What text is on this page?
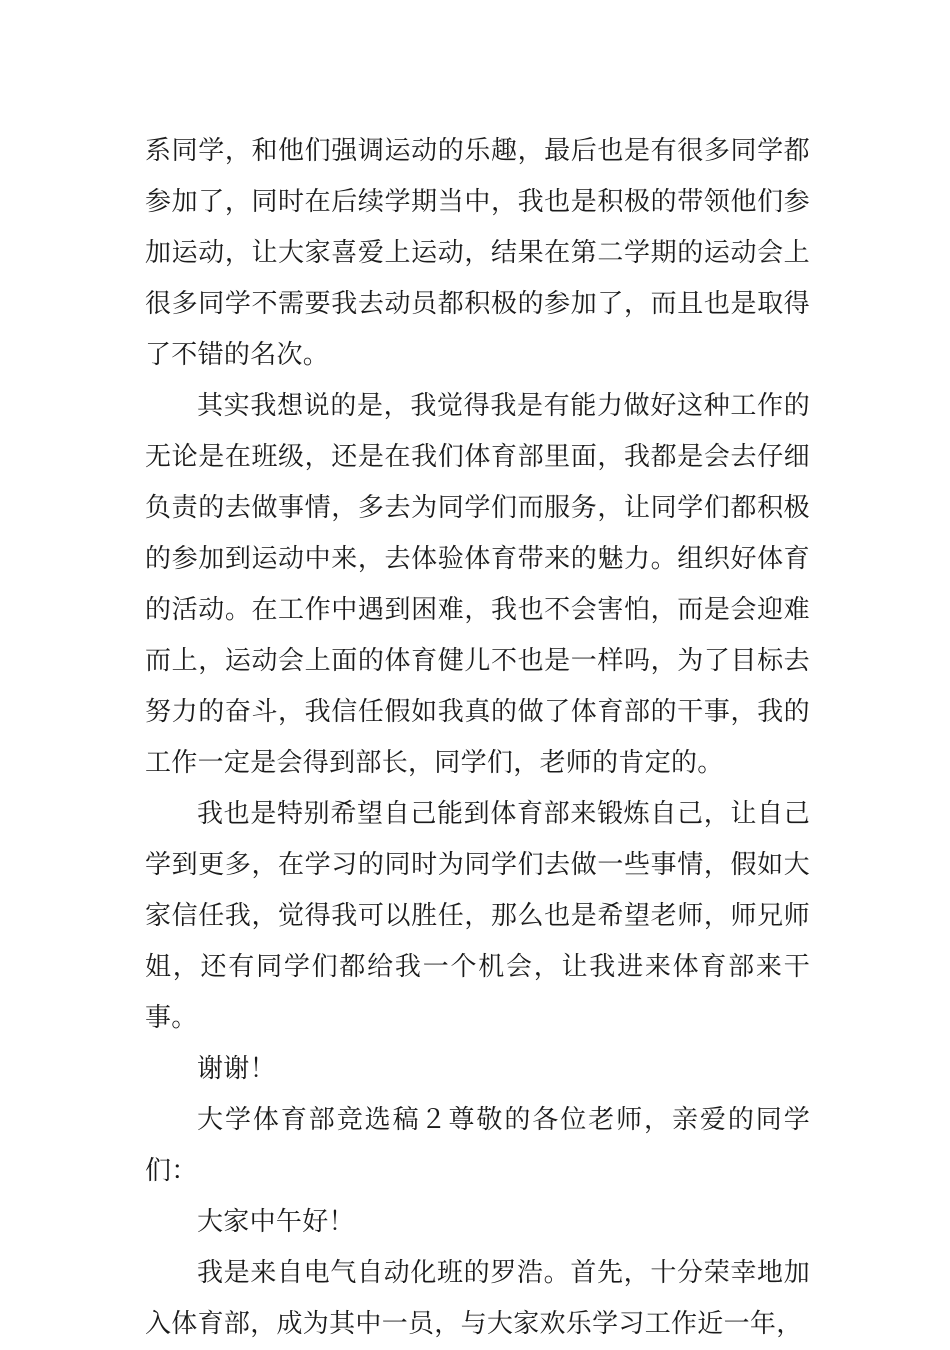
系同学，和他们强调运动的乐趣，最后也是有很多同学都参加了，同时在后续学期当中，我也是积极的带领他们参加运动，让大家喜爱上运动，结果在第二学期的运动会上很多同学不需要我去动员都积极的参加了，而且也是取得了不错的名次。

其实我想说的是，我觉得我是有能力做好这种工作的无论是在班级，还是在我们体育部里面，我都是会去仔细负责的去做事情，多去为同学们而服务，让同学们都积极的参加到运动中来，去体验体育带来的魅力。组织好体育的活动。在工作中遇到困难，我也不会害怕，而是会迎难而上，运动会上面的体育健儿不也是一样吗，为了目标去努力的奋斗，我信任假如我真的做了体育部的干事，我的工作一定是会得到部长，同学们，老师的肯定的。

我也是特别希望自己能到体育部来锻炼自己，让自己学到更多，在学习的同时为同学们去做一些事情，假如大家信任我，觉得我可以胜任，那么也是希望老师，师兄师姐，还有同学们都给我一个机会，让我进来体育部来干事。

谢谢！

大学体育部竞选稿２尊敬的各位老师，亲爱的同学们：

大家中午好！

我是来自电气自动化班的罗浩。首先，十分荣幸地加入体育部，成为其中一员，与大家欢乐学习工作近一年，
